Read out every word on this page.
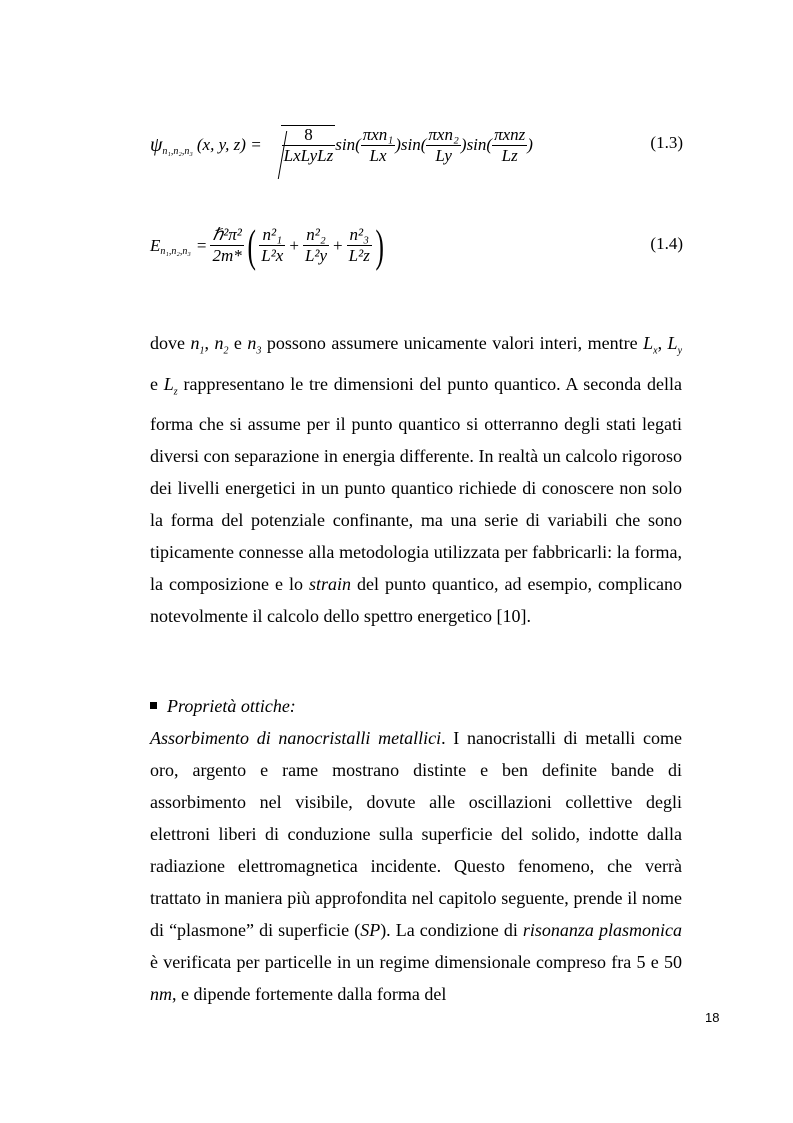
$\psi_{n_1,n_2,n_3}$ (x, y, $z) = \frac{8}{\text{LxLyLz}} \sin( \frac{\text{πxn₁}}{Lx}$ ) $\sin( \frac{\text{πxn₂}}{Ly}$ ) $\sin( \frac{\text{πxnz}}{Lz}$ )	(1.3)
$E_{n_1,n_2,n_3} = \frac{\text{ℏ²π²}}{2m*}$ ( $\frac{\text{n²₁}}{\text{L²x}} + \frac{\text{n²₂}}{\text{L²y}} + \frac{\text{n²₃}}{\text{L²z}}$ )	(1.4)

dove $n_1$, $n_2$ e $n_3$ possono assumere unicamente valori interi, mentre $L_x$, $L_y$ e $L_z$ rappresentano le tre dimensioni del punto quantico. A seconda della forma che si assume per il punto quantico si otterranno degli stati legati diversi con separazione in energia differente. In realtà un calcolo rigoroso dei livelli energetici in un punto quantico richiede di conoscere non solo la forma del potenziale confinante, ma una serie di variabili che sono tipicamente connesse alla metodologia utilizzata per fabbricarli: la forma, la composizione e lo strain del punto quantico, ad esempio, complicano notevolmente il calcolo dello spettro energetico [10].

Proprietà ottiche:

Assorbimento di nanocristalli metallici. I nanocristalli di metalli come oro, argento e rame mostrano distinte e ben definite bande di assorbimento nel visibile, dovute alle oscillazioni collettive degli elettroni liberi di conduzione sulla superficie del solido, indotte dalla radiazione elettromagnetica incidente. Questo fenomeno, che verrà trattato in maniera più approfondita nel capitolo seguente, prende il nome di “plasmone” di superficie (SP). La condizione di risonanza plasmonica è verificata per particelle in un regime dimensionale compreso fra 5 e 50 nm, e dipende fortemente dalla forma del

18
